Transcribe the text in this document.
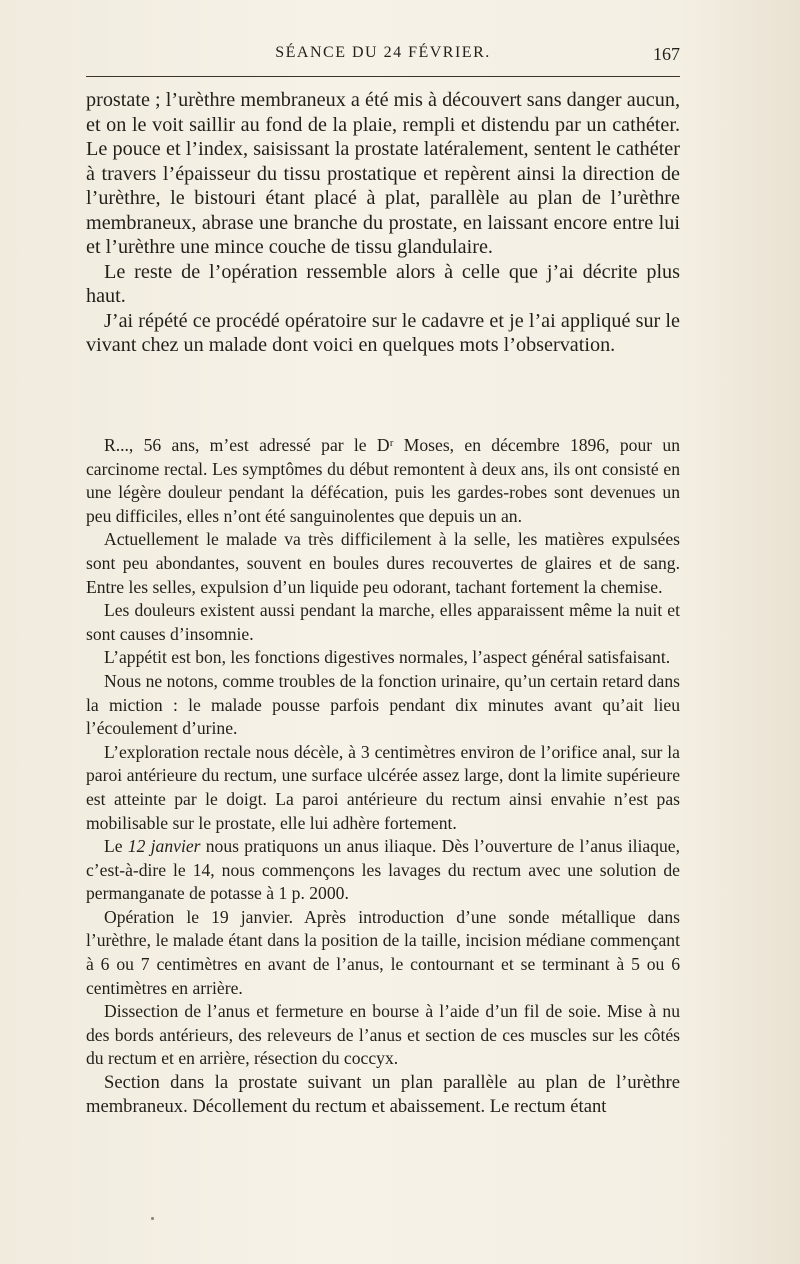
SÉANCE DU 24 FÉVRIER.	167

prostate ; l’urèthre membraneux a été mis à découvert sans danger aucun, et on le voit saillir au fond de la plaie, rempli et distendu par un cathéter. Le pouce et l’index, saisissant la prostate latéralement, sentent le cathéter à travers l’épaisseur du tissu prostatique et repèrent ainsi la direction de l’urèthre, le bistouri étant placé à plat, parallèle au plan de l’urèthre membraneux, abrase une branche du prostate, en laissant encore entre lui et l’urèthre une mince couche de tissu glandulaire.

Le reste de l’opération ressemble alors à celle que j’ai décrite plus haut.

J’ai répété ce procédé opératoire sur le cadavre et je l’ai appliqué sur le vivant chez un malade dont voici en quelques mots l’observation.

R..., 56 ans, m’est adressé par le Dʳ Moses, en décembre 1896, pour un carcinome rectal. Les symptômes du début remontent à deux ans, ils ont consisté en une légère douleur pendant la défécation, puis les gardes-robes sont devenues un peu difficiles, elles n’ont été sanguinolentes que depuis un an.

Actuellement le malade va très difficilement à la selle, les matières expulsées sont peu abondantes, souvent en boules dures recouvertes de glaires et de sang. Entre les selles, expulsion d’un liquide peu odorant, tachant fortement la chemise.

Les douleurs existent aussi pendant la marche, elles apparaissent même la nuit et sont causes d’insomnie.

L’appétit est bon, les fonctions digestives normales, l’aspect général satisfaisant.

Nous ne notons, comme troubles de la fonction urinaire, qu’un certain retard dans la miction : le malade pousse parfois pendant dix minutes avant qu’ait lieu l’écoulement d’urine.

L’exploration rectale nous décèle, à 3 centimètres environ de l’orifice anal, sur la paroi antérieure du rectum, une surface ulcérée assez large, dont la limite supérieure est atteinte par le doigt. La paroi antérieure du rectum ainsi envahie n’est pas mobilisable sur le prostate, elle lui adhère fortement.

Le 12 janvier nous pratiquons un anus iliaque. Dès l’ouverture de l’anus iliaque, c’est-à-dire le 14, nous commençons les lavages du rectum avec une solution de permanganate de potasse à 1 p. 2000.

Opération le 19 janvier. Après introduction d’une sonde métallique dans l’urèthre, le malade étant dans la position de la taille, incision médiane commençant à 6 ou 7 centimètres en avant de l’anus, le contournant et se terminant à 5 ou 6 centimètres en arrière.

Dissection de l’anus et fermeture en bourse à l’aide d’un fil de soie. Mise à nu des bords antérieurs, des releveurs de l’anus et section de ces muscles sur les côtés du rectum et en arrière, résection du coccyx.

Section dans la prostate suivant un plan parallèle au plan de l’urèthre membraneux. Décollement du rectum et abaissement. Le rectum étant
